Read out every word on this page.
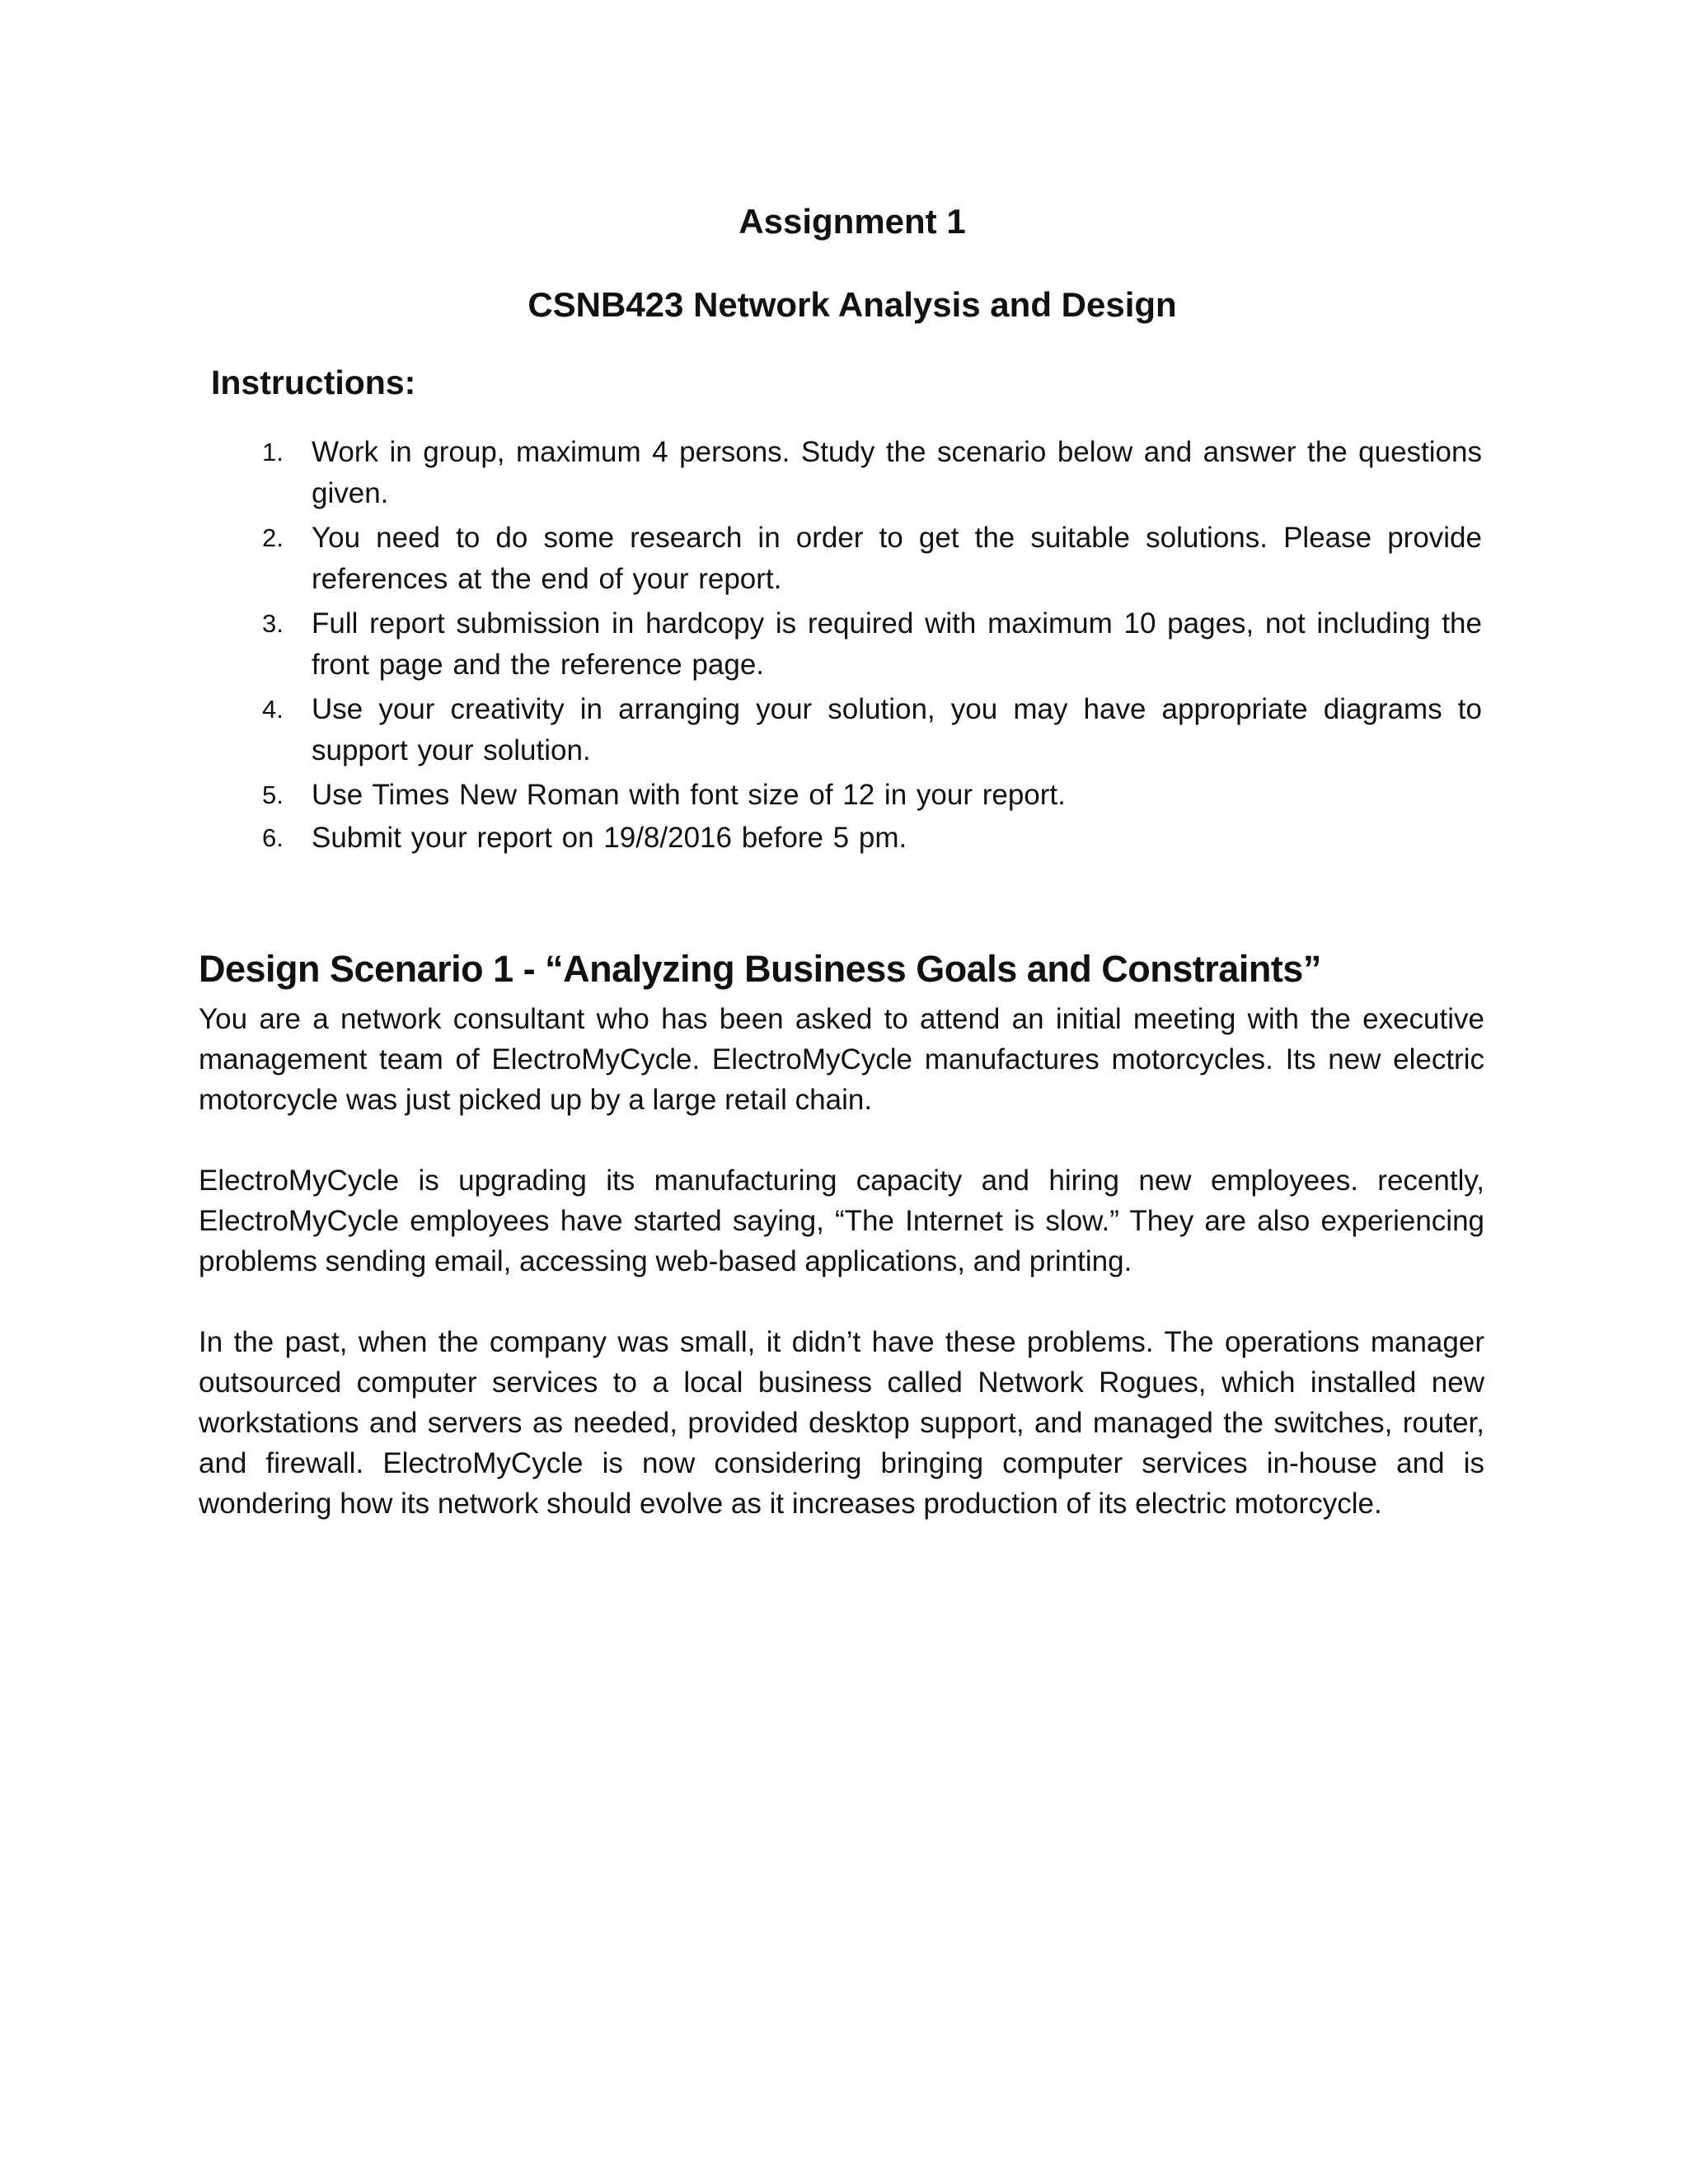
Assignment 1
CSNB423 Network Analysis and Design
Instructions:
1. Work in group, maximum 4 persons. Study the scenario below and answer the questions given.
2. You need to do some research in order to get the suitable solutions. Please provide references at the end of your report.
3. Full report submission in hardcopy is required with maximum 10 pages, not including the front page and the reference page.
4. Use your creativity in arranging your solution, you may have appropriate diagrams to support your solution.
5. Use Times New Roman with font size of 12 in your report.
6. Submit your report on 19/8/2016 before 5 pm.
Design Scenario 1 - “Analyzing Business Goals and Constraints”

You are a network consultant who has been asked to attend an initial meeting with the executive management team of ElectroMyCycle. ElectroMyCycle manufactures motorcycles. Its new electric motorcycle was just picked up by a large retail chain.

ElectroMyCycle is upgrading its manufacturing capacity and hiring new employees. recently, ElectroMyCycle employees have started saying, “The Internet is slow.” They are also experiencing problems sending email, accessing web-based applications, and printing.

In the past, when the company was small, it didn’t have these problems. The operations manager outsourced computer services to a local business called Network Rogues, which installed new workstations and servers as needed, provided desktop support, and managed the switches, router, and firewall. ElectroMyCycle is now considering bringing computer services in-house and is wondering how its network should evolve as it increases production of its electric motorcycle.
